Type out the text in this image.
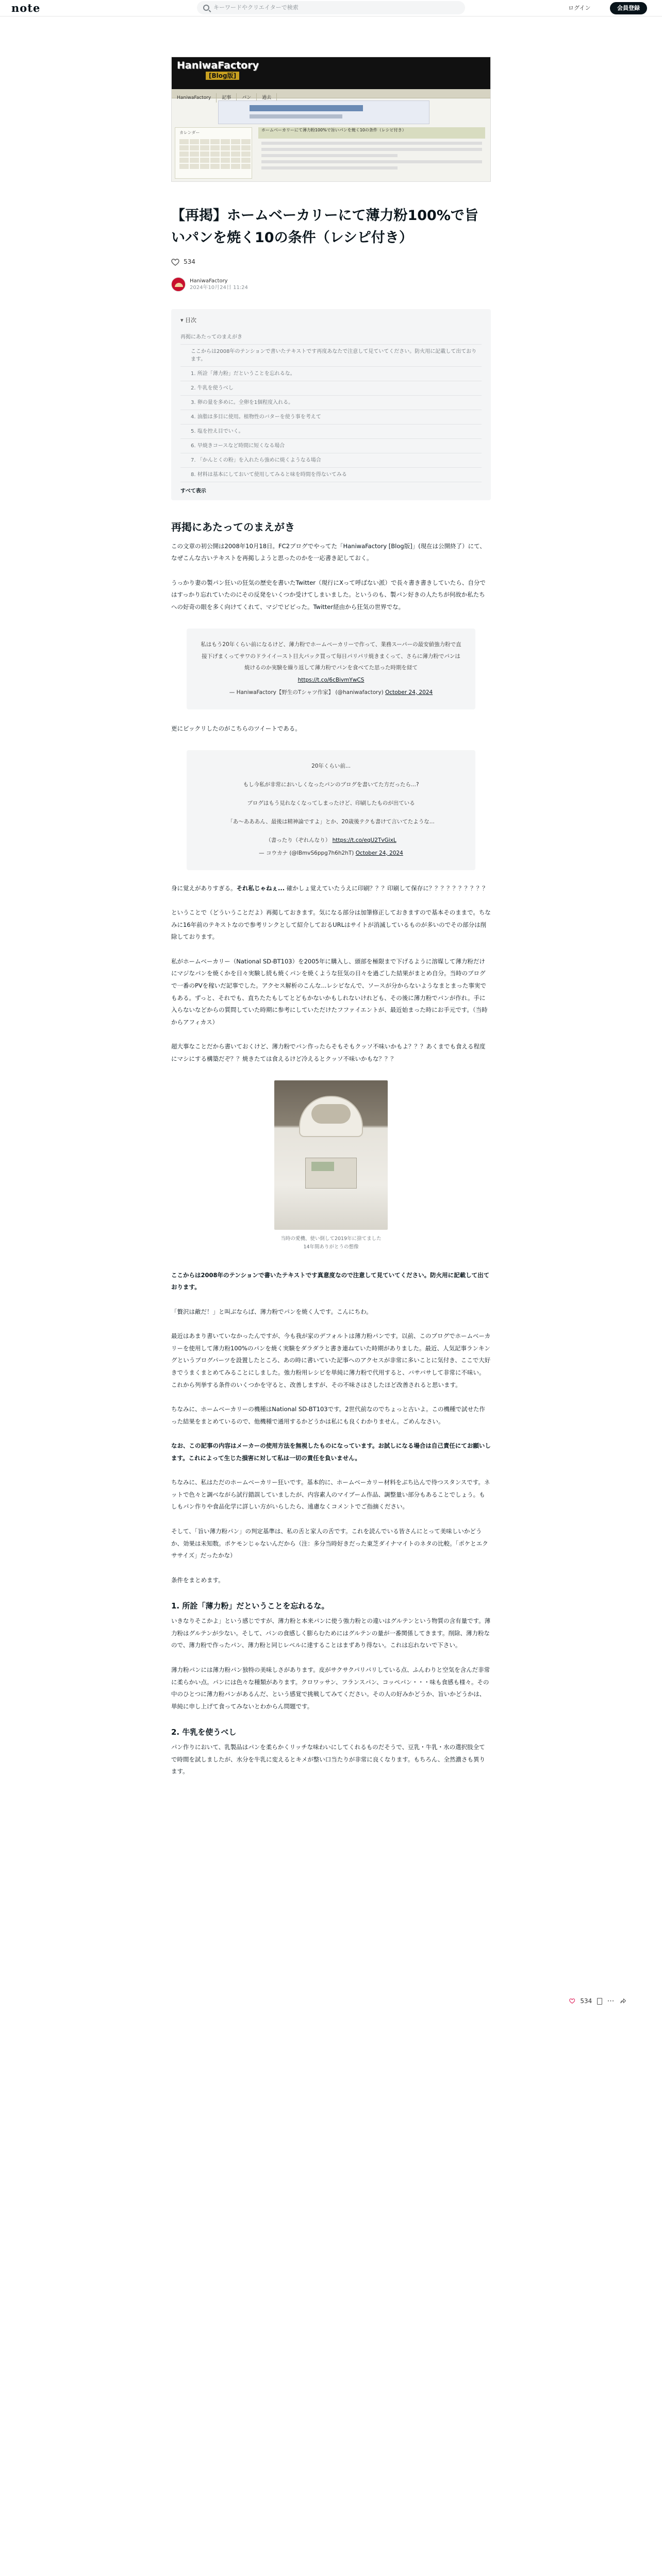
note	キーワードやクリエイターで検索	ログイン	会員登録
HaniwaFactory
[Blog版]
HaniwaFactory 記事 パン 過去
カレンダー
ホームベーカリーにて薄力粉100%で旨いパンを焼く10の条件（レシピ付き）
【再掲】ホームベーカリーにて薄力粉100%で旨いパンを焼く10の条件（レシピ付き）
534
HaniwaFactory
2024年10月24日 11:24
▾ 目次
再掲にあたってのまえがき
ここからは2008年のテンションで書いたテキストです再度あなたで注意して見ていてください。防火用に記載して出ております。
1. 所詮「薄力粉」だということを忘れるな。
2. 牛乳を使うべし
3. 卵の量を多めに。全卵を1個程度入れる。
4. 油脂は多目に使用。植物性のバターを使う事を考えて
5. 塩を控え目でいく。
6. 早焼きコースなど時間に短くなる場合
7. 「かんとくの粉」を入れたら強めに焼くようなる場合
8. 材料は基本にしておいて使用してみると味を時間を得ないてみる
すべて表示
再掲にあたってのまえがき

この文章の初公開は2008年10月18日。FC2ブログでやってた「HaniwaFactory [Blog版]」(現在は公開終了）にて、なぜこんな古いテキストを再掲しようと思ったのかを一応書き記しておく。

うっかり妻の製パン狂いの狂気の歴史を書いたTwitter（現行にXって呼ばない派）で長々書き書きしていたら、自分ではすっかり忘れていたのにその反発をいくつか受けてしまいました。というのも、製パン好きの人たちが何故か私たちへの好奇の眼を多く向けてくれて、マジでビビった。Twitter経由から狂気の世界でな。

私はもう20年くらい前になるけど、薄力粉でホームベーカリーで作って、業務スーパーの最安値強力粉で直接下げまくってサワのドライイースト目大パック買って毎日パリパリ焼きまくって、さらに薄力粉でパンは焼けるのか実験を繰り返して薄力粉でパンを食べてた思った時期を経て

https://t.co/6cBivmYwCS

— HaniwaFactory【野生のTシャツ作家】 (@haniwafactory) October 24, 2024

更にビックリしたのがこちらのツイートである。

20年くらい前...

もし今私が非常においしくなったパンのブログを書いてた方だったら...?

ブログはもう見れなくなってしまったけど、印刷したものが出ている

「あ〜あああん、最後は精神論ですよ」とか、20歳後テクも書けて言いてたような...

（書ったり（ぞれんなり） https://t.co/eqU2TvGixL

— コウカナ (@lBmvS6ppg7h6h2hT) October 24, 2024

身に覚えがありすぎる。それ私じゃねぇ... 確かしょ覚えていたうえに印刷？？？印刷して保存に？？？？？？？？？？

ということで（どういうことだよ）再掲しておきます。気になる部分は加筆修正しておきますので基本そのままで。ちなみに16年前のテキストなので参考リンクとして紹介しておるURLはサイトが消滅しているものが多いのでその部分は削除しております。

私がホームベーカリー（National SD-BT103）を2005年に購入し、頭部を極限まで下げるように溶媒して薄力粉だけにマジなパンを焼くかを日々実験し続も焼くパンを焼くような狂気の日々を過ごした結果がまとめ自分。当時のブログで一番のPVを稼いだ記事でした。アクセス解析のこんな...レシピなんで、ソースが分からないようなまとまった事実でもある。ずっと、それでも、直ちたたもしてとどもかないかもしれないけれども、その後に薄力粉でパンが作れ。手に入らないなどからの質問していた時期に参考にしていただけたフファイエントが、最近始まった時にお手元です。（当時からアフィカス）

超大事なことだから書いておくけど、薄力粉でパン作ったらそもそもクッソ不味いかもよ？？？あくまでも食える程度にマシにする構築だぞ？？焼きたては食えるけど冷えるとクッソ不味いかもな？？？

当時の愛機、使い倒して2019年に捨てました
14年間ありがとうの想像

ここからは2008年のテンションで書いたテキストです真意度なので注意して見ていてください。防火用に記載して出ております。

「贅沢は敵だ！」と叫ぶならば、薄力粉でパンを焼く人です。こんにちわ。

最近はあまり書いていなかったんですが、今も我が家のデフォルトは薄力粉パンです。以前、このブログでホームベーカリーを使用して薄力粉100%のパンを焼く実験をダラダラと書き連ねていた時期がありました。最近、人気記事ランキングというブログパーツを設置したところ、あの時に書いていた記事へのアクセスが非常に多いことに気付き、ここで大好きでうまくまとめてみることにしました。強力粉用レシピを単純に薄力粉で代用すると、バサバサして非常に不味い。これから列挙する条件のいくつかを守ると、改善しますが、その不味さはさしたほど改善されると思います。

ちなみに、ホームベーカリーの機種はNational SD-BT103です。2世代前なのでちょっと古いよ。この機種で試せた作った結果をまとめているので、他機種で通用するかどうかは私にも良くわかりません。ごめんなさい。

なお、この記事の内容はメーカーの使用方法を無視したものになっています。お試しになる場合は自己責任にてお願いします。これによって生じた損害に対して私は一切の責任を負いません。

ちなみに、私はただのホームベーカリー狂いです。基本的に、ホームベーカリー材料をぶち込んで待つスタンスです。ネットで色々と調べながら試行錯誤していましたが、内容素人のマイブーム作品、調整量い部分もあることでしょう。もしもパン作りや食品化学に詳しい方がいらしたら、遠慮なくコメントでご指摘ください。

そして、「旨い薄力粉パン」の判定基準は、私の舌と家人の舌です。これを読んでいる皆さんにとって美味しいかどうか、効果は未知数。ポケモンじゃないんだから（注：多分当時好きだった東芝ダイナマイトのネタの比較。「ポケとエクササイズ」だったかな）

条件をまとめます。

1. 所詮「薄力粉」だということを忘れるな。

いきなりそこかよ」という感じですが、薄力粉と本来パンに使う強力粉との違いはグルテンという物質の含有量です。薄力粉はグルテンが少ない。そして、パンの食感しく膨らむためにはグルテンの量が一番関係してきます。削除、薄力粉なので、薄力粉で作ったパン、薄力粉と同じレベルに達することはまずあり得ない。これは忘れないで下さい。

薄力粉パンには薄力粉パン独特の美味しさがあります。皮がサクサクパリパリしている点、ふんわりと空気を含んだ非常に柔らかい点。パンには色々な種類があります。クロワッサン、フランスパン、コッペパン・・・味も食感も様々。その中のひとつに薄力粉パンがあるんだ、という感覚で挑戦してみてください。その人の好みかどうか、旨いかどうかは、単純に申し上げて食ってみないとわからん問題です。

2. 牛乳を使うべし

パン作りにおいて、乳製品はパンを柔らかくリッチな味わいにしてくれるものだそうで、豆乳・牛乳・水の選択肢全てで時間を試しましたが、水分を牛乳に変えるとキメが整い口当たりが非常に良くなります。もちろん、全然濃さも異ります。

534 ⋯
